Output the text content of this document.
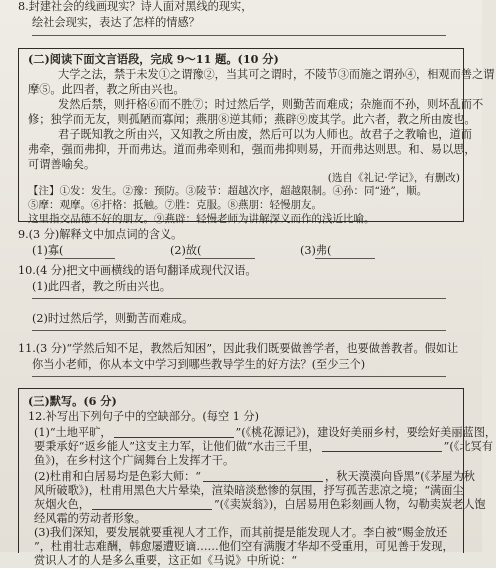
8.封建社会的线画现实？诗人面对黑线的现实，
绘社会现实，表达了怎样的情感？
(二)阅读下面文言语段，完成 9～11 题。(10 分)
大学之法，禁于未发①之谓豫②，当其可之谓时，不陵节③而施之谓孙④，相观而善之谓
摩⑤。此四者，教之所由兴也。
发然后禁，则扞格⑥而不胜⑦；时过然后学，则勤苦而难成；杂施而不孙，则坏乱而不
修；独学而无友，则孤陋而寡闻；燕朋⑧逆其师；燕辟⑨废其学。此六者，教之所由废也。
君子既知教之所由兴，又知教之所由废，然后可以为人师也。故君子之教喻也，道而
弗牵，强而弗抑，开而弗达。道而弗牵则和，强而弗抑则易，开而弗达则思。和、易以思，
可谓善喻矣。
(选自《礼记·学记》，有删改)
【注】①发：发生。②豫：预防。③陵节：超越次序，超越限制。④孙：同“逊”，顺。
⑤摩：观摩。⑥扞格：抵触。⑦胜：克服。⑧燕朋：轻慢朋友。
这里指交品德不好的朋友。⑨燕辟：轻慢老师为讲解深义而作的浅近比喻。
9.(3 分)解释文中加点词的含义。
(1)寡(	(2)故(	(3)弗(
10.(4 分)把文中画横线的语句翻译成现代汉语。
(1)此四者，教之所由兴也。
(2)时过然后学，则勤苦而难成。
11.(3 分)“学然后知不足，教然后知困”，因此我们既要做善学者，也要做善教者。假如让
你当小老师，你从本文中学习到哪些教导学生的好方法？(至少三个)
(三)默写。(6 分)
12.补写出下列句子中的空缺部分。(每空 1 分)
(1)“土地平旷，	”(《桃花源记》)，建设好美丽乡村，要绘好美丽蓝图，
要秉承好“返乡能人”这支主力军，让他们做“水击三千里，	”(《北冥有
鱼》)，在乡村这个广阔舞台上发挥才干。
(2)杜甫和白居易均是色彩大师：“	，秋天漠漠向昏黑”(《茅屋为秋
风所破歌》)，杜甫用黑色大片晕染，渲染暗淡愁惨的氛围，抒写孤苦悲凉之境；“满面尘
灰烟火色，	”(《卖炭翁》)，白居易用色彩刻画人物，勾勒卖炭老人饱
经风霜的劳动者形象。
(3)我们深知，要发展就要重视人才工作，而其前提是能发现人才。李白被“赐金放还
”，杜甫壮志难酬，韩愈屡遭贬谪……他们空有满腹才华却不受重用，可见善于发现，
赏识人才的人是多么重要，这正如《马说》中所说：“
